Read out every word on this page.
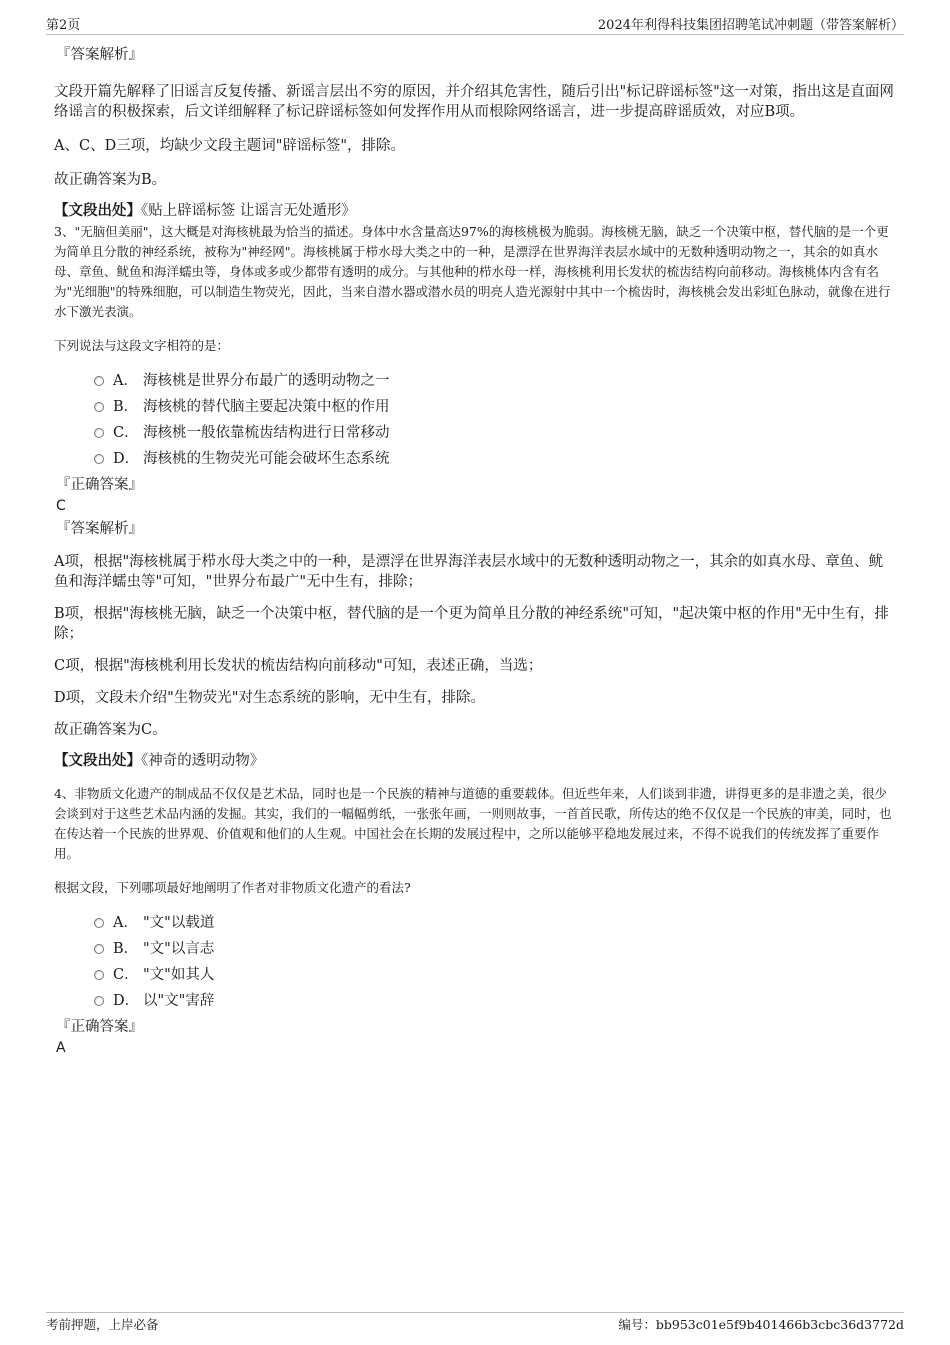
第2页	2024年利得科技集团招聘笔试冲刺题（带答案解析）
『答案解析』

文段开篇先解释了旧谣言反复传播、新谣言层出不穷的原因，并介绍其危害性，随后引出"标记辟谣标签"这一对策，指出这是直面网络谣言的积极探索，后文详细解释了标记辟谣标签如何发挥作用从而根除网络谣言，进一步提高辟谣质效，对应B项。

A、C、D三项，均缺少文段主题词"辟谣标签"，排除。

故正确答案为B。

【文段出处】《贴上辟谣标签 让谣言无处遁形》

3、"无脑但美丽"，这大概是对海核桃最为恰当的描述。身体中水含量高达97%的海核桃极为脆弱。海核桃无脑，缺乏一个决策中枢，替代脑的是一个更为简单且分散的神经系统，被称为"神经网"。海核桃属于栉水母大类之中的一种，是漂浮在世界海洋表层水域中的无数种透明动物之一，其余的如真水母、章鱼、鱿鱼和海洋蠕虫等，身体或多或少都带有透明的成分。与其他种的栉水母一样，海核桃利用长发状的梳齿结构向前移动。海核桃体内含有名为"光细胞"的特殊细胞，可以制造生物荧光，因此，当来自潜水器或潜水员的明亮人造光源射中其中一个梳齿时，海核桃会发出彩虹色脉动，就像在进行水下激光表演。

下列说法与这段文字相符的是：

A． 海核桃是世界分布最广的透明动物之一
B． 海核桃的替代脑主要起决策中枢的作用
C． 海核桃一般依靠梳齿结构进行日常移动
D． 海核桃的生物荧光可能会破坏生态系统
『正确答案』
C
『答案解析』

A项，根据"海核桃属于栉水母大类之中的一种，是漂浮在世界海洋表层水域中的无数种透明动物之一，其余的如真水母、章鱼、鱿鱼和海洋蠕虫等"可知，"世界分布最广"无中生有，排除；

B项，根据"海核桃无脑，缺乏一个决策中枢，替代脑的是一个更为简单且分散的神经系统"可知，"起决策中枢的作用"无中生有，排除；

C项，根据"海核桃利用长发状的梳齿结构向前移动"可知，表述正确，当选；

D项，文段未介绍"生物荧光"对生态系统的影响，无中生有，排除。

故正确答案为C。

【文段出处】《神奇的透明动物》

4、非物质文化遗产的制成品不仅仅是艺术品，同时也是一个民族的精神与道德的重要载体。但近些年来，人们谈到非遗，讲得更多的是非遗之美，很少会谈到对于这些艺术品内涵的发掘。其实，我们的一幅幅剪纸，一张张年画，一则则故事，一首首民歌，所传达的绝不仅仅是一个民族的审美，同时，也在传达着一个民族的世界观、价值观和他们的人生观。中国社会在长期的发展过程中，之所以能够平稳地发展过来，不得不说我们的传统发挥了重要作用。

根据文段，下列哪项最好地阐明了作者对非物质文化遗产的看法?

A． "文"以载道
B． "文"以言志
C． "文"如其人
D． 以"文"害辞
『正确答案』
A
考前押题，上岸必备	编号：bb953c01e5f9b401466b3cbc36d3772d
